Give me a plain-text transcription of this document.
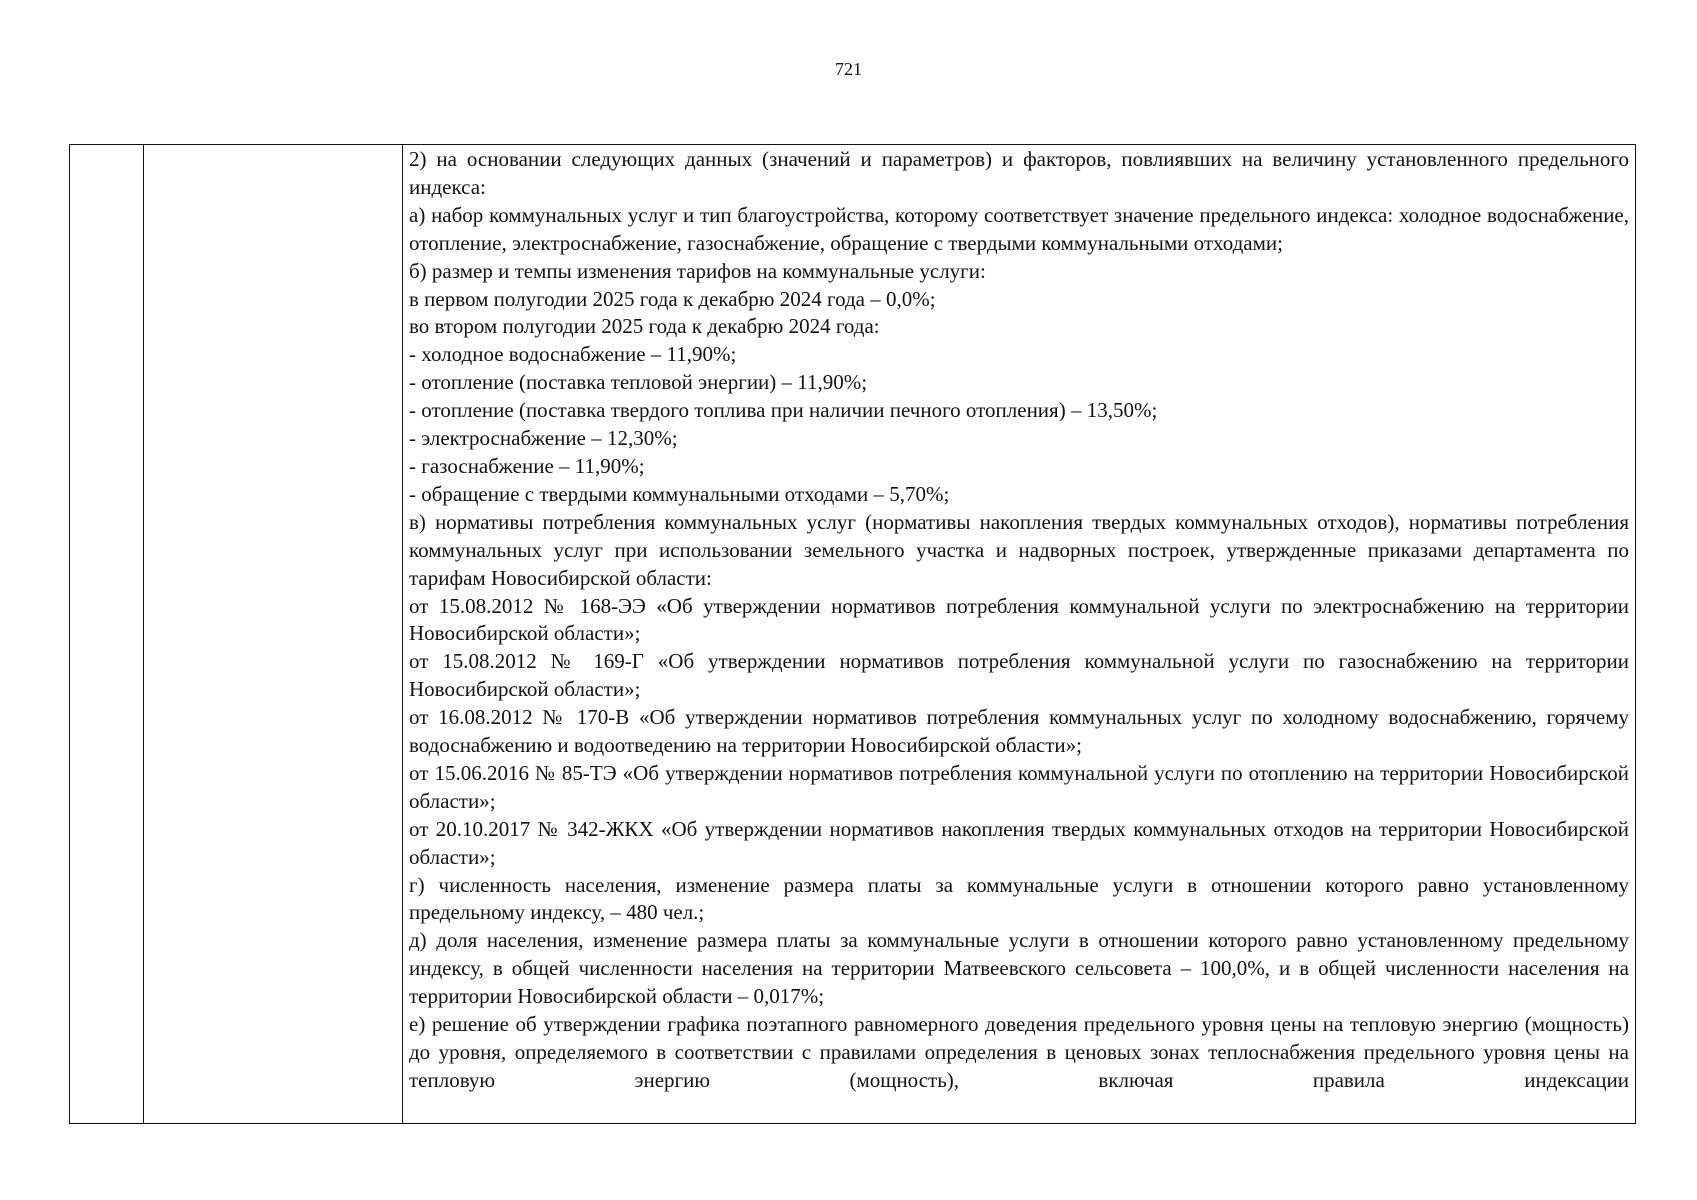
721

2) на основании следующих данных (значений и параметров) и факторов, повлиявших на величину установленного предельного индекса:

а) набор коммунальных услуг и тип благоустройства, которому соответствует значение предельного индекса: холодное водоснабжение, отопление, электроснабжение, газоснабжение, обращение с твердыми коммунальными отходами;

б) размер и темпы изменения тарифов на коммунальные услуги:

в первом полугодии 2025 года к декабрю 2024 года – 0,0%;

во втором полугодии 2025 года к декабрю 2024 года:

- холодное водоснабжение – 11,90%;

- отопление (поставка тепловой энергии) – 11,90%;

- отопление (поставка твердого топлива при наличии печного отопления) – 13,50%;

- электроснабжение – 12,30%;

- газоснабжение – 11,90%;

- обращение с твердыми коммунальными отходами – 5,70%;

в) нормативы потребления коммунальных услуг (нормативы накопления твердых коммунальных отходов), нормативы потребления коммунальных услуг при использовании земельного участка и надворных построек, утвержденные приказами департамента по тарифам Новосибирской области:

от 15.08.2012 № 168-ЭЭ «Об утверждении нормативов потребления коммунальной услуги по электроснабжению на территории Новосибирской области»;

от 15.08.2012 № 169-Г «Об утверждении нормативов потребления коммунальной услуги по газоснабжению на территории Новосибирской области»;

от 16.08.2012 № 170-В «Об утверждении нормативов потребления коммунальных услуг по холодному водоснабжению, горячему водоснабжению и водоотведению на территории Новосибирской области»;

от 15.06.2016 № 85-ТЭ «Об утверждении нормативов потребления коммунальной услуги по отоплению на территории Новосибирской области»;

от 20.10.2017 № 342-ЖКХ «Об утверждении нормативов накопления твердых коммунальных отходов на территории Новосибирской области»;

г) численность населения, изменение размера платы за коммунальные услуги в отношении которого равно установленному предельному индексу, – 480 чел.;

д) доля населения, изменение размера платы за коммунальные услуги в отношении которого равно установленному предельному индексу, в общей численности населения на территории Матвеевского сельсовета – 100,0%, и в общей численности населения на территории Новосибирской области – 0,017%;

е) решение об утверждении графика поэтапного равномерного доведения предельного уровня цены на тепловую энергию (мощность) до уровня, определяемого в соответствии с правилами определения в ценовых зонах теплоснабжения предельного уровня цены на тепловую энергию (мощность), включая правила индексации
